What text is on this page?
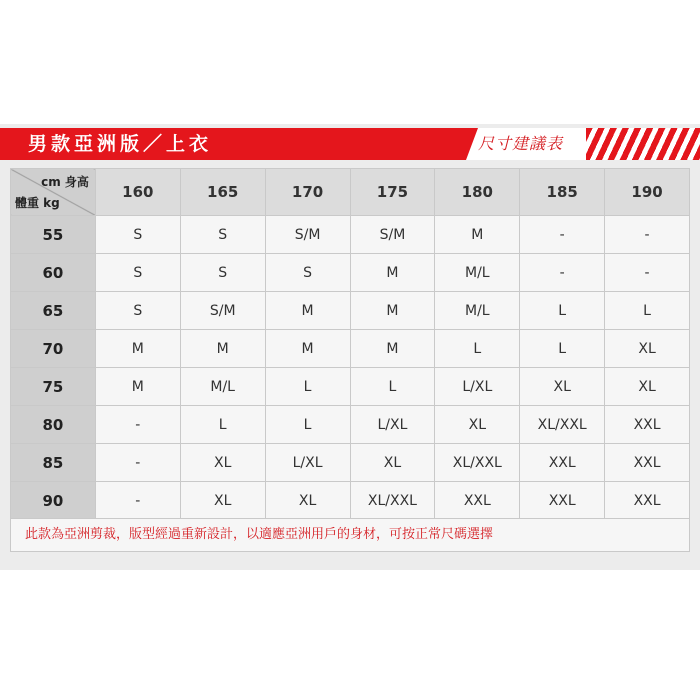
男款亞洲版／上衣	尺寸建議表
cm 身高
體重 kg	160	165	170	175	180	185	190
55	S	S	S/M	S/M	M	-	-
60	S	S	S	M	M/L	-	-
65	S	S/M	M	M	M/L	L	L
70	M	M	M	M	L	L	XL
75	M	M/L	L	L	L/XL	XL	XL
80	-	L	L	L/XL	XL	XL/XXL	XXL
85	-	XL	L/XL	XL	XL/XXL	XXL	XXL
90	-	XL	XL	XL/XXL	XXL	XXL	XXL
此款為亞洲剪裁，版型經過重新設計，以適應亞洲用戶的身材，可按正常尺碼選擇
